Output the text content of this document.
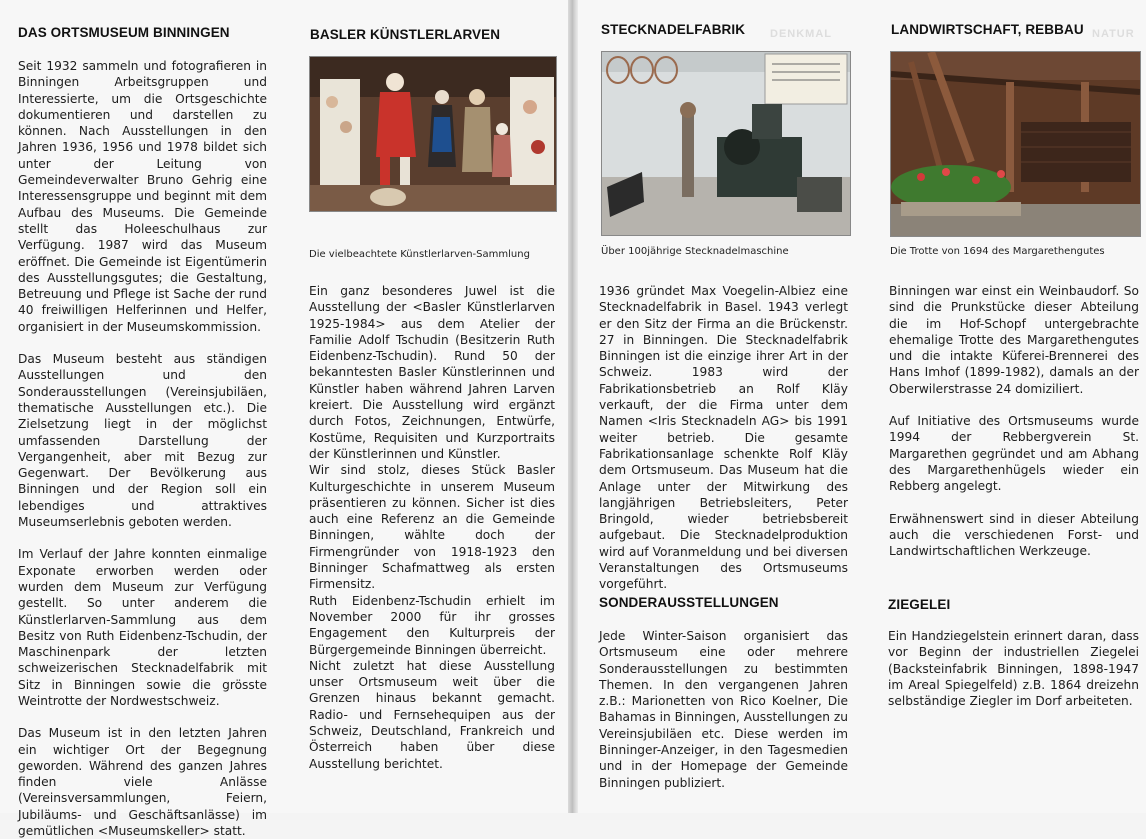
DAS ORTSMUSEUM BINNINGEN

Seit 1932 sammeln und fotografieren in Binningen Arbeitsgruppen und Interessierte, um die Ortsgeschichte dokumentieren und darstellen zu können. Nach Ausstellungen in den Jahren 1936, 1956 und 1978 bildet sich unter der Leitung von Gemeindeverwalter Bruno Gehrig eine Interessensgruppe und beginnt mit dem Aufbau des Museums. Die Gemeinde stellt das Holeeschulhaus zur Verfügung. 1987 wird das Museum eröffnet. Die Gemeinde ist Eigentümerin des Ausstellungsgutes; die Gestaltung, Betreuung und Pflege ist Sache der rund 40 freiwilligen Helferinnen und Helfer, organisiert in der Museumskommission.

Das Museum besteht aus ständigen Ausstellungen und den Sonderausstellungen (Vereinsjubiläen, thematische Ausstellungen etc.). Die Zielsetzung liegt in der möglichst umfassenden Darstellung der Vergangenheit, aber mit Bezug zur Gegenwart. Der Bevölkerung aus Binningen und der Region soll ein lebendiges und attraktives Museumserlebnis geboten werden.

Im Verlauf der Jahre konnten einmalige Exponate erworben werden oder wurden dem Museum zur Verfügung gestellt. So unter anderem die Künstlerlarven-Sammlung aus dem Besitz von Ruth Eidenbenz-Tschudin, der Maschinenpark der letzten schweizerischen Stecknadelfabrik mit Sitz in Binningen sowie die grösste Weintrotte der Nordwestschweiz.

Das Museum ist in den letzten Jahren ein wichtiger Ort der Begegnung geworden. Während des ganzen Jahres finden viele Anlässe (Vereinsversammlungen, Feiern, Jubiläums- und Geschäftsanlässe) im gemütlichen <Museumskeller> statt.

BASLER KÜNSTLERLARVEN
Die vielbeachtete Künstlerlarven-Sammlung

Ein ganz besonderes Juwel ist die Ausstellung der <Basler Künstlerlarven 1925-1984> aus dem Atelier der Familie Adolf Tschudin (Besitzerin Ruth Eidenbenz-Tschudin). Rund 50 der bekanntesten Basler Künstlerinnen und Künstler haben während Jahren Larven kreiert. Die Ausstellung wird ergänzt durch Fotos, Zeichnungen, Entwürfe, Kostüme, Requisiten und Kurzportraits der Künstlerinnen und Künstler.

Wir sind stolz, dieses Stück Basler Kulturgeschichte in unserem Museum präsentieren zu können. Sicher ist dies auch eine Referenz an die Gemeinde Binningen, wählte doch der Firmengründer von 1918-1923 den Binninger Schafmattweg als ersten Firmensitz.

Ruth Eidenbenz-Tschudin erhielt im November 2000 für ihr grosses Engagement den Kulturpreis der Bürgergemeinde Binningen überreicht.

Nicht zuletzt hat diese Ausstellung unser Ortsmuseum weit über die Grenzen hinaus bekannt gemacht. Radio- und Fernsehequipen aus der Schweiz, Deutschland, Frankreich und Österreich haben über diese Ausstellung berichtet.

DENKMAL
STECKNADELFABRIK
Über 100jährige Stecknadelmaschine

1936 gründet Max Voegelin-Albiez eine Stecknadelfabrik in Basel. 1943 verlegt er den Sitz der Firma an die Brückenstr. 27 in Binningen. Die Stecknadelfabrik Binningen ist die einzige ihrer Art in der Schweiz. 1983 wird der Fabrikationsbetrieb an Rolf Kläy verkauft, der die Firma unter dem Namen <Iris Stecknadeln AG> bis 1991 weiter betrieb. Die gesamte Fabrikationsanlage schenkte Rolf Kläy dem Ortsmuseum. Das Museum hat die Anlage unter der Mitwirkung des langjährigen Betriebsleiters, Peter Bringold, wieder betriebsbereit aufgebaut. Die Stecknadelproduktion wird auf Voranmeldung und bei diversen Veranstaltungen des Ortsmuseums vorgeführt.

SONDERAUSSTELLUNGEN

Jede Winter-Saison organisiert das Ortsmuseum eine oder mehrere Sonderausstellungen zu bestimmten Themen. In den vergangenen Jahren z.B.: Marionetten von Rico Koelner, Die Bahamas in Binningen, Ausstellungen zu Vereinsjubiläen etc. Diese werden im Binninger-Anzeiger, in den Tagesmedien und in der Homepage der Gemeinde Binningen publiziert.

NATUR
LANDWIRTSCHAFT, REBBAU
Die Trotte von 1694 des Margarethengutes

Binningen war einst ein Weinbaudorf. So sind die Prunkstücke dieser Abteilung die im Hof-Schopf untergebrachte ehemalige Trotte des Margarethengutes und die intakte Küferei-Brennerei des Hans Imhof (1899-1982), damals an der Oberwilerstrasse 24 domiziliert.

Auf Initiative des Ortsmuseums wurde 1994 der Rebbergverein St. Margarethen gegründet und am Abhang des Margarethenhügels wieder ein Rebberg angelegt.

Erwähnenswert sind in dieser Abteilung auch die verschiedenen Forst- und Landwirtschaftlichen Werkzeuge.

ZIEGELEI

Ein Handziegelstein erinnert daran, dass vor Beginn der industriellen Ziegelei (Backsteinfabrik Binningen, 1898-1947 im Areal Spiegelfeld) z.B. 1864 dreizehn selbständige Ziegler im Dorf arbeiteten.
